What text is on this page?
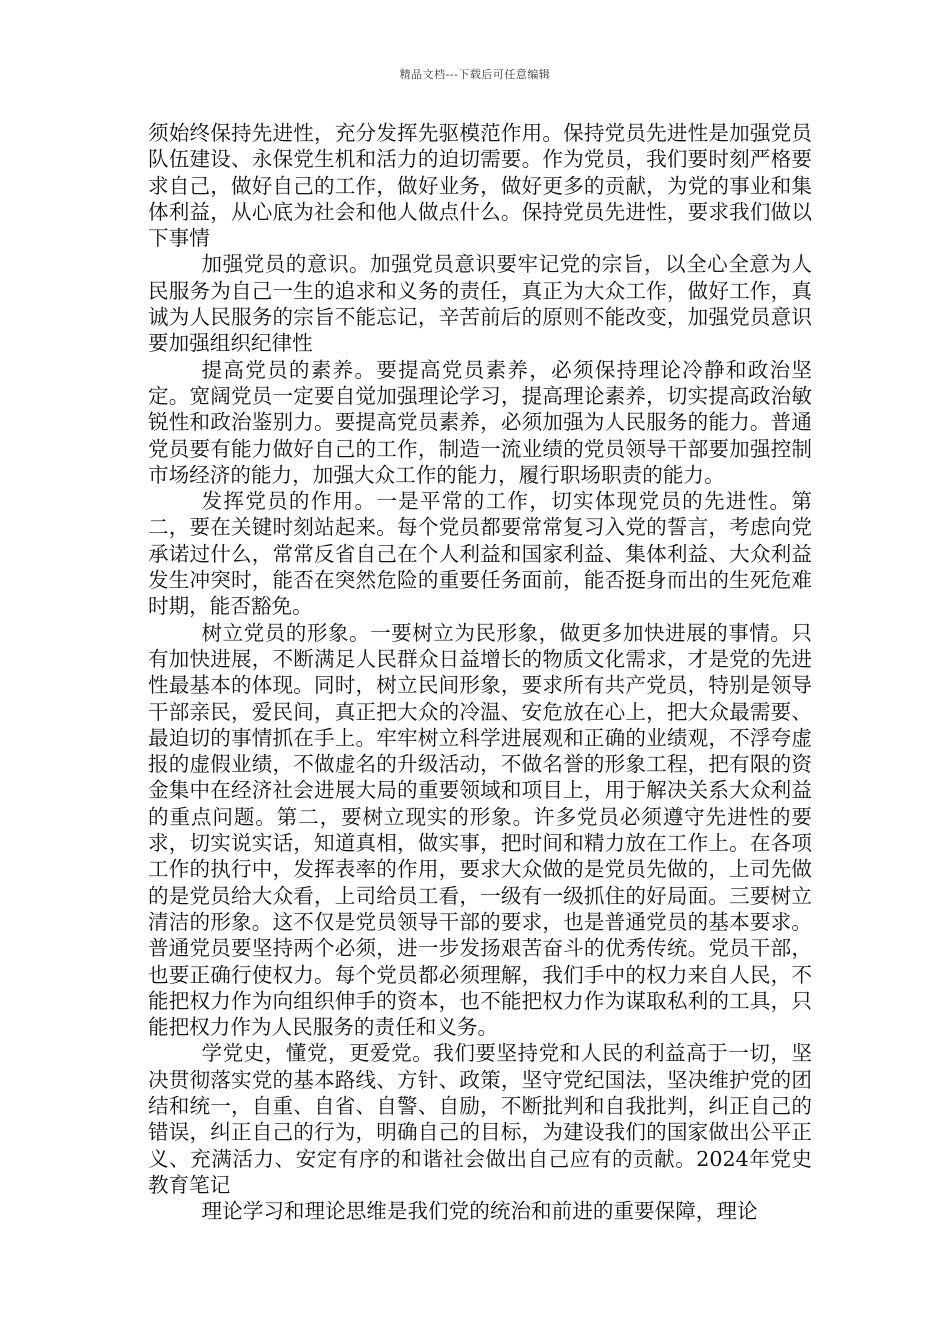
精品文档---下载后可任意编辑

须始终保持先进性，充分发挥先驱模范作用。保持党员先进性是加强党员队伍建设、永保党生机和活力的迫切需要。作为党员，我们要时刻严格要求自己，做好自己的工作，做好业务，做好更多的贡献，为党的事业和集体利益，从心底为社会和他人做点什么。保持党员先进性，要求我们做以下事情

加强党员的意识。加强党员意识要牢记党的宗旨，以全心全意为人民服务为自己一生的追求和义务的责任，真正为大众工作，做好工作，真诚为人民服务的宗旨不能忘记，辛苦前后的原则不能改变，加强党员意识要加强组织纪律性

提高党员的素养。要提高党员素养，必须保持理论冷静和政治坚定。宽阔党员一定要自觉加强理论学习，提高理论素养，切实提高政治敏锐性和政治鉴别力。要提高党员素养，必须加强为人民服务的能力。普通党员要有能力做好自己的工作，制造一流业绩的党员领导干部要加强控制市场经济的能力，加强大众工作的能力，履行职场职责的能力。

发挥党员的作用。一是平常的工作，切实体现党员的先进性。第二，要在关键时刻站起来。每个党员都要常常复习入党的誓言，考虑向党承诺过什么，常常反省自己在个人利益和国家利益、集体利益、大众利益发生冲突时，能否在突然危险的重要任务面前，能否挺身而出的生死危难时期，能否豁免。

树立党员的形象。一要树立为民形象，做更多加快进展的事情。只有加快进展，不断满足人民群众日益增长的物质文化需求，才是党的先进性最基本的体现。同时，树立民间形象，要求所有共产党员，特别是领导干部亲民，爱民间，真正把大众的冷温、安危放在心上，把大众最需要、最迫切的事情抓在手上。牢牢树立科学进展观和正确的业绩观，不浮夸虚报的虚假业绩，不做虚名的升级活动，不做名誉的形象工程，把有限的资金集中在经济社会进展大局的重要领域和项目上，用于解决关系大众利益的重点问题。第二，要树立现实的形象。许多党员必须遵守先进性的要求，切实说实话，知道真相，做实事，把时间和精力放在工作上。在各项工作的执行中，发挥表率的作用，要求大众做的是党员先做的，上司先做的是党员给大众看，上司给员工看，一级有一级抓住的好局面。三要树立清洁的形象。这不仅是党员领导干部的要求，也是普通党员的基本要求。普通党员要坚持两个必须，进一步发扬艰苦奋斗的优秀传统。党员干部，也要正确行使权力。每个党员都必须理解，我们手中的权力来自人民，不能把权力作为向组织伸手的资本，也不能把权力作为谋取私利的工具，只能把权力作为人民服务的责任和义务。

学党史，懂党，更爱党。我们要坚持党和人民的利益高于一切，坚决贯彻落实党的基本路线、方针、政策，坚守党纪国法，坚决维护党的团结和统一，自重、自省、自警、自励，不断批判和自我批判，纠正自己的错误，纠正自己的行为，明确自己的目标，为建设我们的国家做出公平正义、充满活力、安定有序的和谐社会做出自己应有的贡献。2024年党史教育笔记

理论学习和理论思维是我们党的统治和前进的重要保障，理论
